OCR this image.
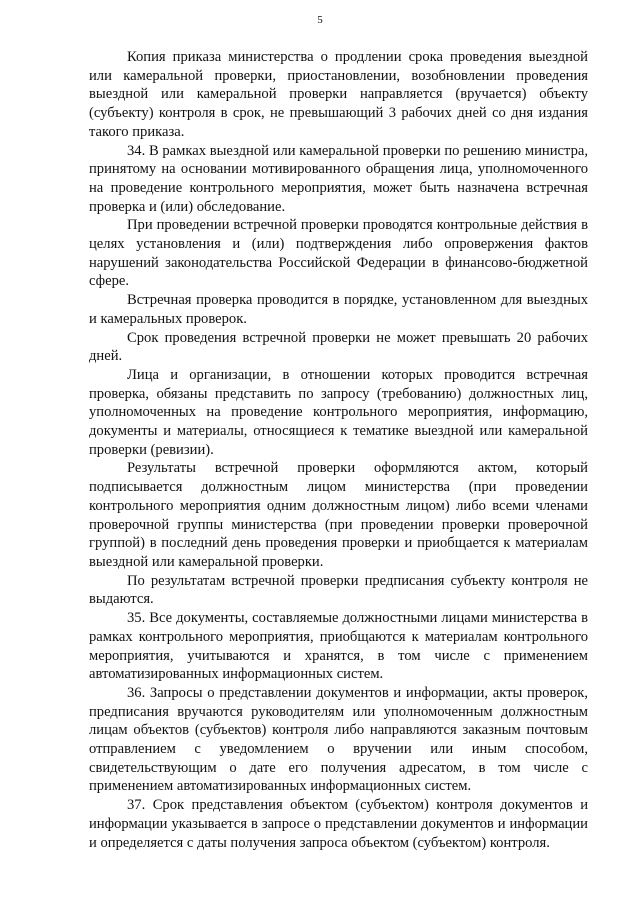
5

Копия приказа министерства о продлении срока проведения выездной или камеральной проверки, приостановлении, возобновлении проведения выездной или камеральной проверки направляется (вручается) объекту (субъекту) контроля в срок, не превышающий 3 рабочих дней со дня издания такого приказа.

34. В рамках выездной или камеральной проверки по решению министра, принятому на основании мотивированного обращения лица, уполномоченного на проведение контрольного мероприятия, может быть назначена встречная проверка и (или) обследование.

При проведении встречной проверки проводятся контрольные действия в целях установления и (или) подтверждения либо опровержения фактов нарушений законодательства Российской Федерации в финансово-бюджетной сфере.

Встречная проверка проводится в порядке, установленном для выездных и камеральных проверок.

Срок проведения встречной проверки не может превышать 20 рабочих дней.

Лица и организации, в отношении которых проводится встречная проверка, обязаны представить по запросу (требованию) должностных лиц, уполномоченных на проведение контрольного мероприятия, информацию, документы и материалы, относящиеся к тематике выездной или камеральной проверки (ревизии).

Результаты встречной проверки оформляются актом, который подписывается должностным лицом министерства (при проведении контрольного мероприятия одним должностным лицом) либо всеми членами проверочной группы министерства (при проведении проверки проверочной группой) в последний день проведения проверки и приобщается к материалам выездной или камеральной проверки.

По результатам встречной проверки предписания субъекту контроля не выдаются.

35. Все документы, составляемые должностными лицами министерства в рамках контрольного мероприятия, приобщаются к материалам контрольного мероприятия, учитываются и хранятся, в том числе с применением автоматизированных информационных систем.

36. Запросы о представлении документов и информации, акты проверок, предписания вручаются руководителям или уполномоченным должностным лицам объектов (субъектов) контроля либо направляются заказным почтовым отправлением с уведомлением о вручении или иным способом, свидетельствующим о дате его получения адресатом, в том числе с применением автоматизированных информационных систем.

37. Срок представления объектом (субъектом) контроля документов и информации указывается в запросе о представлении документов и информации и определяется с даты получения запроса объектом (субъектом) контроля.
